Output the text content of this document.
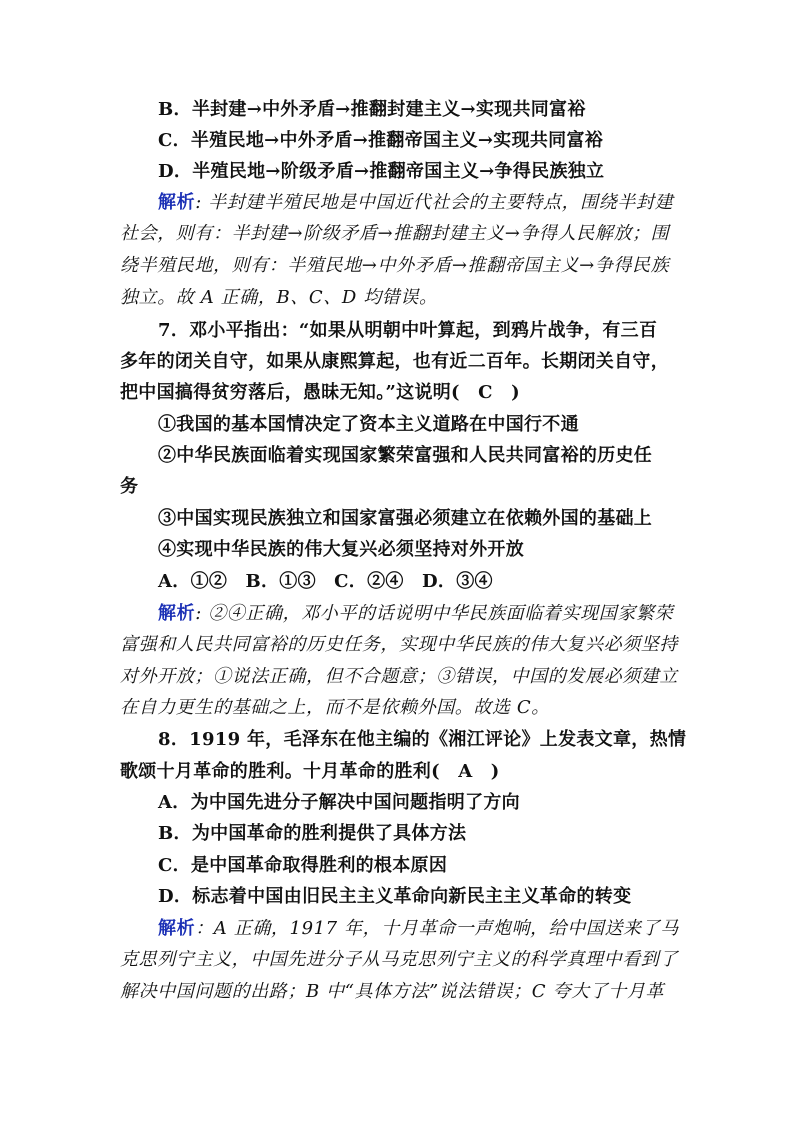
B．半封建→中外矛盾→推翻封建主义→实现共同富裕
C．半殖民地→中外矛盾→推翻帝国主义→实现共同富裕
D．半殖民地→阶级矛盾→推翻帝国主义→争得民族独立
解析: 半封建半殖民地是中国近代社会的主要特点，围绕半封建
社会，则有：半封建→阶级矛盾→推翻封建主义→争得人民解放；围
绕半殖民地，则有：半殖民地→中外矛盾→推翻帝国主义→争得民族
独立。故 A 正确，B、C、D 均错误。
7．邓小平指出：“如果从明朝中叶算起，到鸦片战争，有三百
多年的闭关自守，如果从康熙算起，也有近二百年。长期闭关自守，
把中国搞得贫穷落后，愚昧无知。”这说明(　C　)
①我国的基本国情决定了资本主义道路在中国行不通
②中华民族面临着实现国家繁荣富强和人民共同富裕的历史任
务
③中国实现民族独立和国家富强必须建立在依赖外国的基础上
④实现中华民族的伟大复兴必须坚持对外开放
A．①②　B．①③　C．②④　D．③④
解析: ②④正确，邓小平的话说明中华民族面临着实现国家繁荣
富强和人民共同富裕的历史任务，实现中华民族的伟大复兴必须坚持
对外开放；①说法正确，但不合题意；③错误，中国的发展必须建立
在自力更生的基础之上，而不是依赖外国。故选 C。
8．1919 年，毛泽东在他主编的《湘江评论》上发表文章，热情
歌颂十月革命的胜利。十月革命的胜利(　A　)
A．为中国先进分子解决中国问题指明了方向
B．为中国革命的胜利提供了具体方法
C．是中国革命取得胜利的根本原因
D．标志着中国由旧民主主义革命向新民主主义革命的转变
解析：A 正确，1917 年，十月革命一声炮响，给中国送来了马
克思列宁主义，中国先进分子从马克思列宁主义的科学真理中看到了
解决中国问题的出路；B 中“具体方法”说法错误；C 夸大了十月革
